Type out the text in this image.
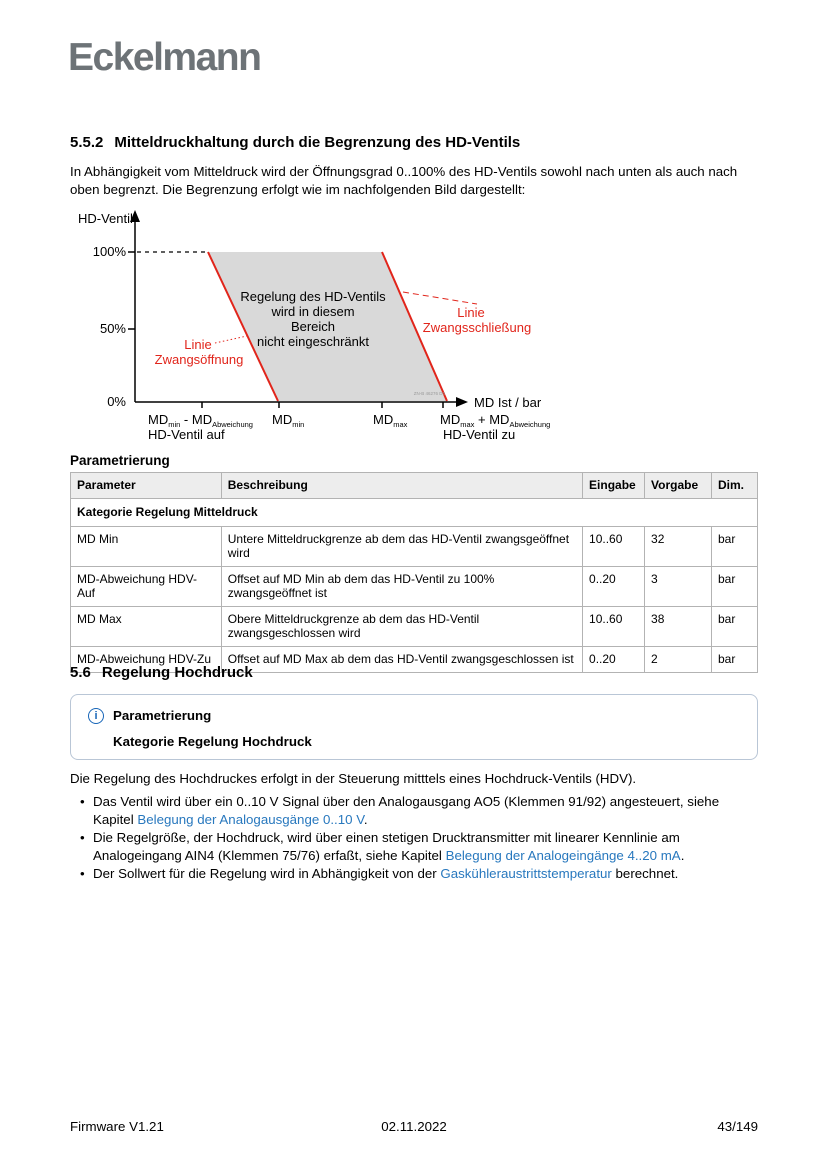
Eckelmann
5.5.2 Mitteldruckhaltung durch die Begrenzung des HD-Ventils
In Abhängigkeit vom Mitteldruck wird der Öffnungsgrad 0..100% des HD-Ventils sowohl nach unten als auch nach oben begrenzt. Die Begrenzung erfolgt wie im nachfolgenden Bild dargestellt:
HD-Ventil
MD Ist / bar
100%
50%
0%
Regelung des HD-Ventils
wird in diesem
Bereich
nicht eingeschränkt
ZN-B 46276 D0
Linie
Zwangsöffnung
Linie
Zwangsschließung
$MD_{min} - MD_{Abweichung}$
HD-Ventil auf
$MD_{min}$	$MD_{max}$	$MD_{max} + MD_{Abweichung}$
HD-Ventil zu
Parametrierung
Parameter	Beschreibung	Eingabe	Vorgabe	Dim.
Kategorie Regelung Mitteldruck				
MD Min	Untere Mitteldruckgrenze ab dem das HD-Ventil zwangsgeöffnet wird	10..60	32	bar
MD-Abweichung HDV-Auf	Offset auf MD Min ab dem das HD-Ventil zu 100% zwangsgeöffnet ist	0..20	3	bar
MD Max	Obere Mitteldruckgrenze ab dem das HD-Ventil zwangsgeschlossen wird	10..60	38	bar
MD-Abweichung HDV-Zu	Offset auf MD Max ab dem das HD-Ventil zwangsgeschlossen ist	0..20	2	bar
5.6 Regelung Hochdruck
i	Parametrierung
Kategorie Regelung Hochdruck
Die Regelung des Hochdruckes erfolgt in der Steuerung mitttels eines Hochdruck-Ventils (HDV).
• Das Ventil wird über ein 0..10 V Signal über den Analogausgang AO5 (Klemmen 91/92) angesteuert, siehe Kapitel Belegung der Analogausgänge 0..10 V.
• Die Regelgröße, der Hochdruck, wird über einen stetigen Drucktransmitter mit linearer Kennlinie am Analogeingang AIN4 (Klemmen 75/76) erfaßt, siehe Kapitel Belegung der Analogeingänge 4..20 mA.
• Der Sollwert für die Regelung wird in Abhängigkeit von der Gaskühleraustrittstemperatur berechnet.
02.11.2022
Firmware V1.21	43/149
